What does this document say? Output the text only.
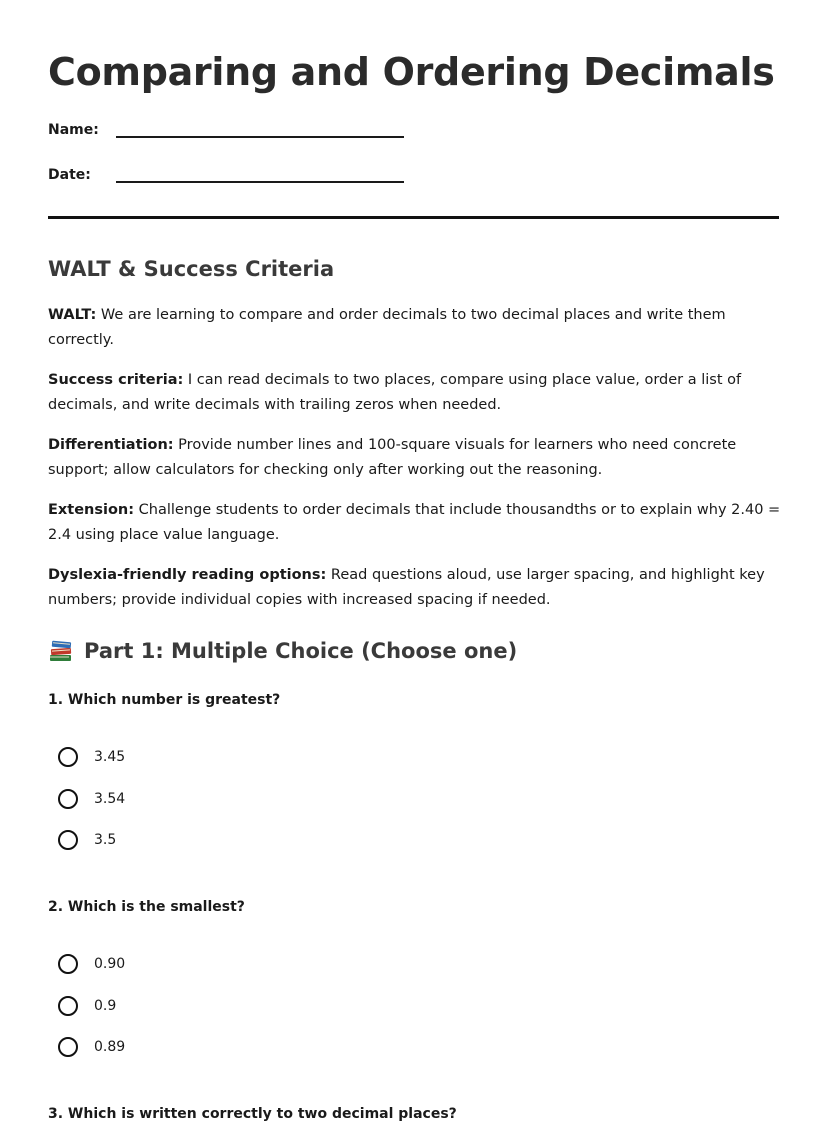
Comparing and Ordering Decimals
Name:
Date:
WALT & Success Criteria

WALT: We are learning to compare and order decimals to two decimal places and write them correctly.

Success criteria: I can read decimals to two places, compare using place value, order a list of decimals, and write decimals with trailing zeros when needed.

Differentiation: Provide number lines and 100-square visuals for learners who need concrete support; allow calculators for checking only after working out the reasoning.

Extension: Challenge students to order decimals that include thousandths or to explain why 2.40 = 2.4 using place value language.

Dyslexia-friendly reading options: Read questions aloud, use larger spacing, and highlight key numbers; provide individual copies with increased spacing if needed.

Part 1: Multiple Choice (Choose one)

1. Which number is greatest?

3.45
3.54
3.5

2. Which is the smallest?

0.90
0.9
0.89

3. Which is written correctly to two decimal places?
